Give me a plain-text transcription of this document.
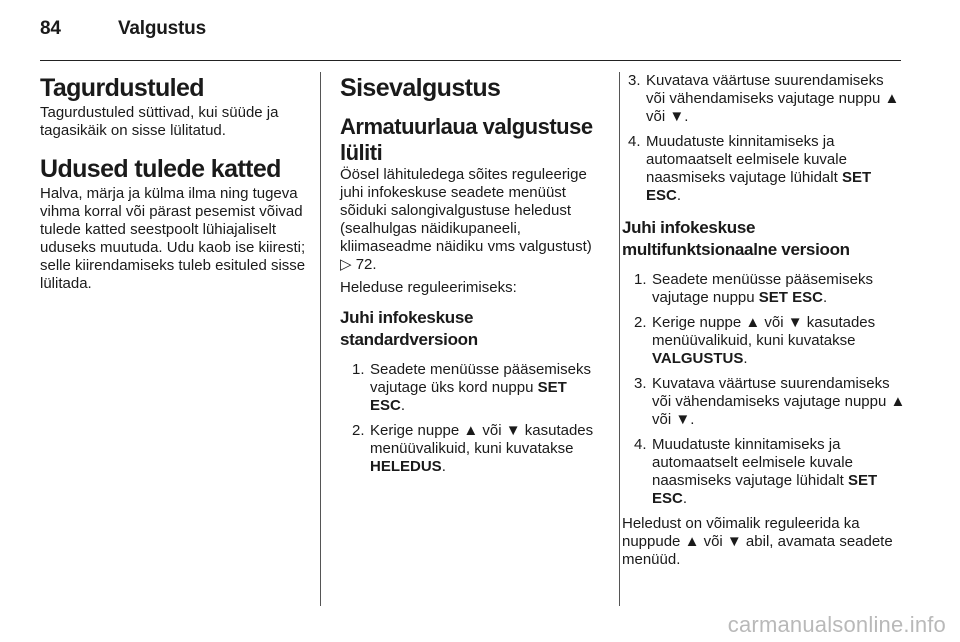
84	Valgustus
Tagurdustuled

Tagurdustuled süttivad, kui süüde ja tagasikäik on sisse lülitatud.

Udused tulede katted

Halva, märja ja külma ilma ning tugeva vihma korral või pärast pesemist võivad tulede katted seestpoolt lühiajaliselt uduseks muutuda. Udu kaob ise kiiresti; selle kiirendamiseks tuleb esituled sisse lülitada.

Sisevalgustus
Armatuurlaua valgustuse lüliti

Öösel lähituledega sõites reguleerige juhi infokeskuse seadete menüüst sõiduki salongivalgustuse heledust (sealhulgas näidikupaneeli, kliimaseadme näidiku vms valgustust) ▷ 72.

Heleduse reguleerimiseks:

Juhi infokeskuse standardversioon
1. Seadete menüüsse pääsemiseks vajutage üks kord nuppu SET ESC.
2. Kerige nuppe ▲ või ▼ kasutades menüüvalikuid, kuni kuvatakse HELEDUS.
3. Kuvatava väärtuse suurendamiseks või vähendamiseks vajutage nuppu ▲ või ▼.
4. Muudatuste kinnitamiseks ja automaatselt eelmisele kuvale naasmiseks vajutage lühidalt SET ESC.
Juhi infokeskuse multifunktsionaalne versioon
1. Seadete menüüsse pääsemiseks vajutage nuppu SET ESC.
2. Kerige nuppe ▲ või ▼ kasutades menüüvalikuid, kuni kuvatakse VALGUSTUS.
3. Kuvatava väärtuse suurendamiseks või vähendamiseks vajutage nuppu ▲ või ▼.
4. Muudatuste kinnitamiseks ja automaatselt eelmisele kuvale naasmiseks vajutage lühidalt SET ESC.

Heledust on võimalik reguleerida ka nuppude ▲ või ▼ abil, avamata seadete menüüd.

carmanualsonline.info
